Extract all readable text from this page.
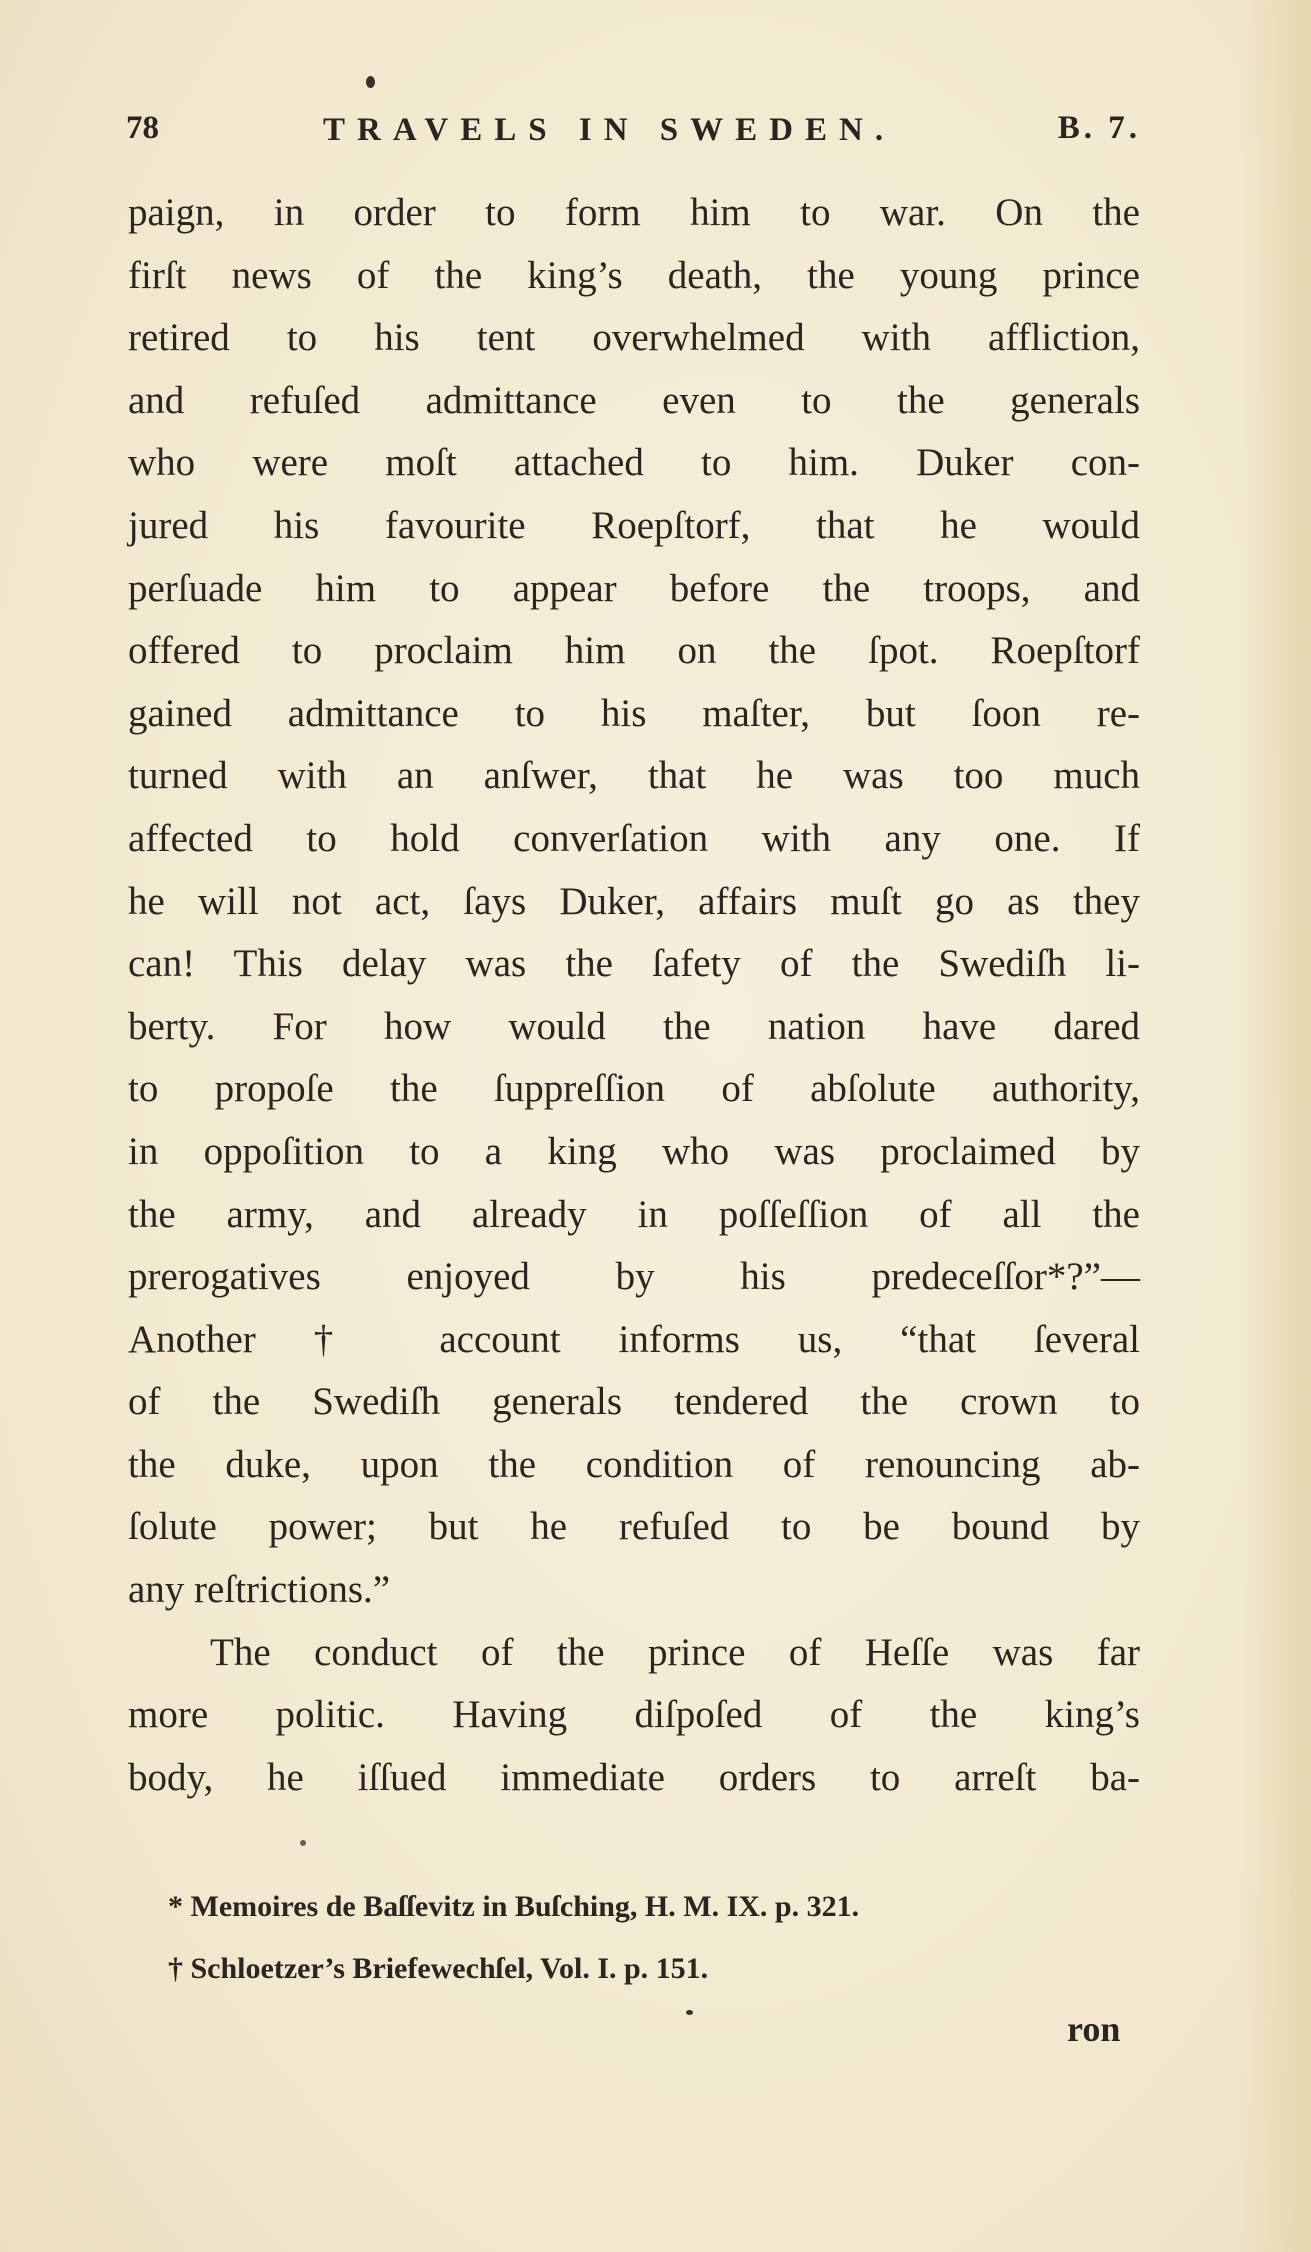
78	TRAVELS IN SWEDEN.	B. 7.
paign, in order to form him to war. On the
firſt news of the king’s death, the young prince
retired to his tent overwhelmed with affliction,
and refuſed admittance even to the generals
who were moſt attached to him. Duker con-
jured his favourite Roepſtorf, that he would
perſuade him to appear before the troops, and
offered to proclaim him on the ſpot. Roepſtorf
gained admittance to his maſter, but ſoon re-
turned with an anſwer, that he was too much
affected to hold converſation with any one. If
he will not act, ſays Duker, affairs muſt go as they
can! This delay was the ſafety of the Swediſh li-
berty. For how would the nation have dared
to propoſe the ſuppreſſion of abſolute authority,
in oppoſition to a king who was proclaimed by
the army, and already in poſſeſſion of all the
prerogatives enjoyed by his predeceſſor*?”—
Another † account informs us, “that ſeveral
of the Swediſh generals tendered the crown to
the duke, upon the condition of renouncing ab-
ſolute power; but he refuſed to be bound by
any reſtrictions.”
The conduct of the prince of Heſſe was far
more politic. Having diſpoſed of the king’s
body, he iſſued immediate orders to arreſt ba-
* Memoires de Baſſevitz in Buſching, H. M. IX. p. 321.
† Schloetzer’s Briefewechſel, Vol. I. p. 151.
ron
